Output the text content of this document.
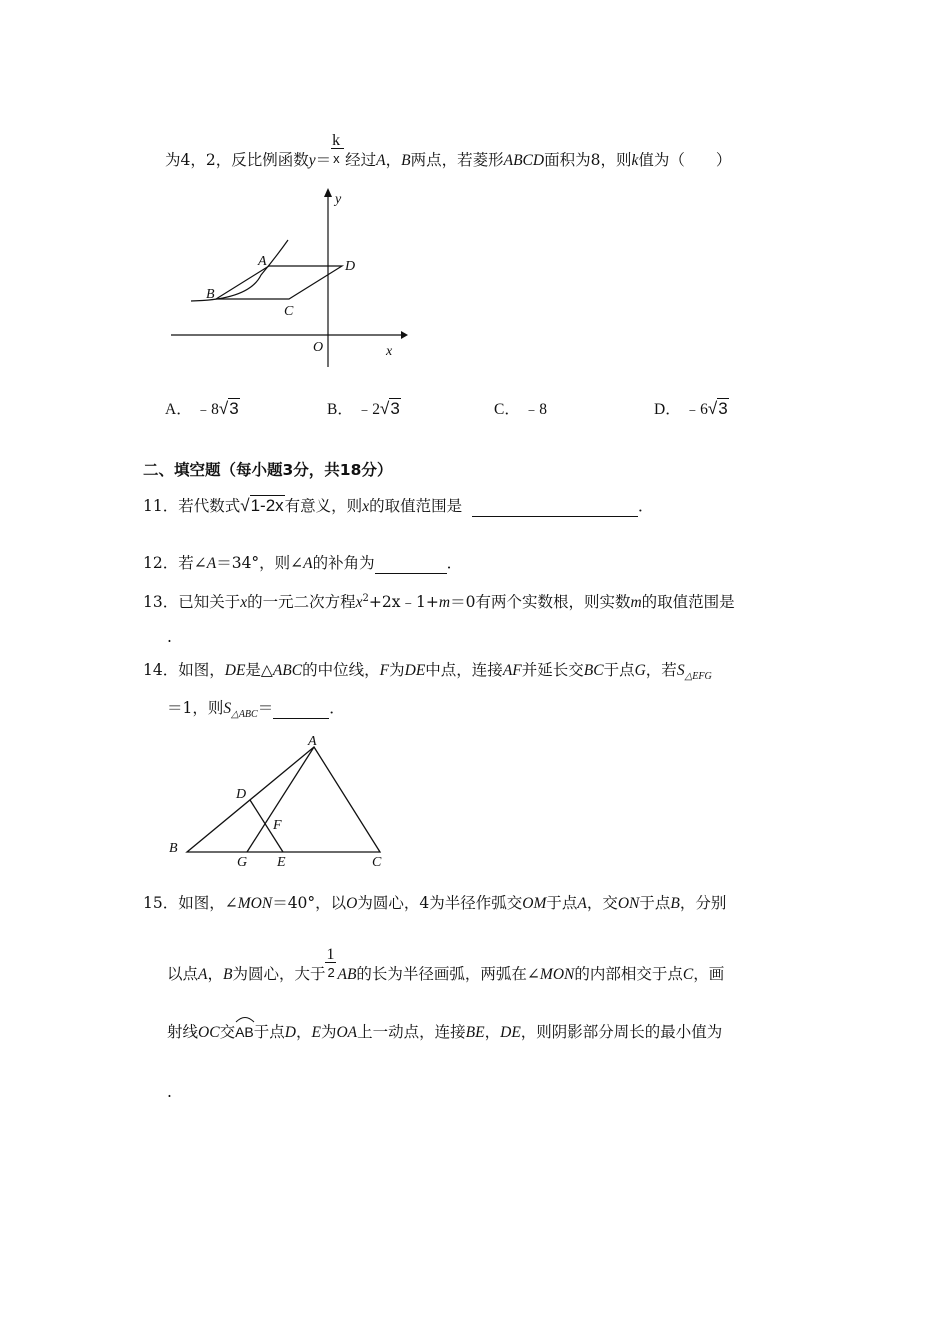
为4，2，反比例函数$y= \frac{k}{x}$ 经过A，B两点，若菱形ABCD面积为8，则k值为（　　）
y
x
O
A
B
C
D
A． ﹣8√3	B． ﹣2√3	C． ﹣8	D． ﹣6√3
二、填空题（每小题3分，共18分）
11．若代数式√1-2x有意义，则x的取值范围是	．
12．若∠A＝34°，则∠A的补角为	．
13．已知关于x的一元二次方程$x^2+2x﹣1+m=0$有两个实数根，则实数m的取值范围是
.
14．如图，DE是△ABC的中位线，F为DE中点，连接AF并延长交BC于点G，若$S_{\triangle EFG}$
＝1，则$S_{\triangle ABC}=$	．
A
B
C
D
E
F
G
15．如图，∠MON＝40°，以O为圆心，4为半径作弧交OM于点A，交ON于点B，分别
以点A，B为圆心，大于 $\frac{1}{2}$ AB的长为半径画弧，两弧在∠MON的内部相交于点C，画
射线OC交
AB于点D，E为OA上一动点，连接BE，DE，则阴影部分周长的最小值为
.
